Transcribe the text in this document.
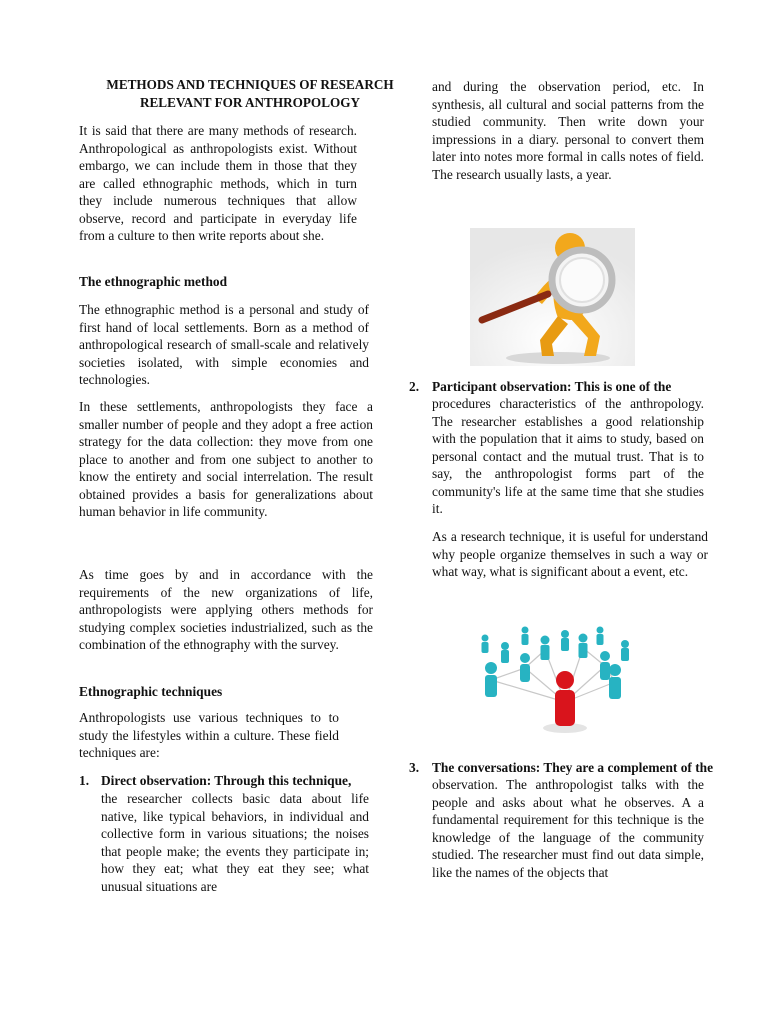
METHODS AND TECHNIQUES OF RESEARCH
RELEVANT FOR ANTHROPOLOGY

It is said that there are many methods of research. Anthropological as anthropologists exist. Without embargo, we can include them in those that they are called ethnographic methods, which in turn they include numerous techniques that allow observe, record and participate in everyday life from a culture to then write reports about she.

The ethnographic method

The ethnographic method is a personal and study of first hand of local settlements. Born as a method of anthropological research of small-scale and relatively societies isolated, with simple economies and technologies.

In these settlements, anthropologists they face a smaller number of people and they adopt a free action strategy for the data collection: they move from one place to another and from one subject to another to know the entirety and social interrelation. The result obtained provides a basis for generalizations about human behavior in life community.

As time goes by and in accordance with the requirements of the new organizations of life, anthropologists were applying others methods for studying complex societies industrialized, such as the combination of the ethnography with the survey.

Ethnographic techniques

Anthropologists use various techniques to to study the lifestyles within a culture. These field techniques are:

1. Direct observation: Through this technique,

the researcher collects basic data about life native, like typical behaviors, in individual and collective form in various situations; the noises that people make; the events they participate in; how they eat; what they eat they see; what unusual situations are

and during the observation period, etc. In synthesis, all cultural and social patterns from the studied community. Then write down your impressions in a diary. personal to convert them later into notes more formal in calls notes of field. The research usually lasts, a year.

2. Participant observation: This is one of the

procedures characteristics of the anthropology. The researcher establishes a good relationship with the population that it aims to study, based on personal contact and the mutual trust. That is to say, the anthropologist forms part of the community's life at the same time that she studies it.

As a research technique, it is useful for understand why people organize themselves in such a way or what way, what is significant about a event, etc.

3. The conversations: They are a complement of the

observation. The anthropologist talks with the people and asks about what he observes. A a fundamental requirement for this technique is the knowledge of the language of the community studied. The researcher must find out data simple, like the names of the objects that
